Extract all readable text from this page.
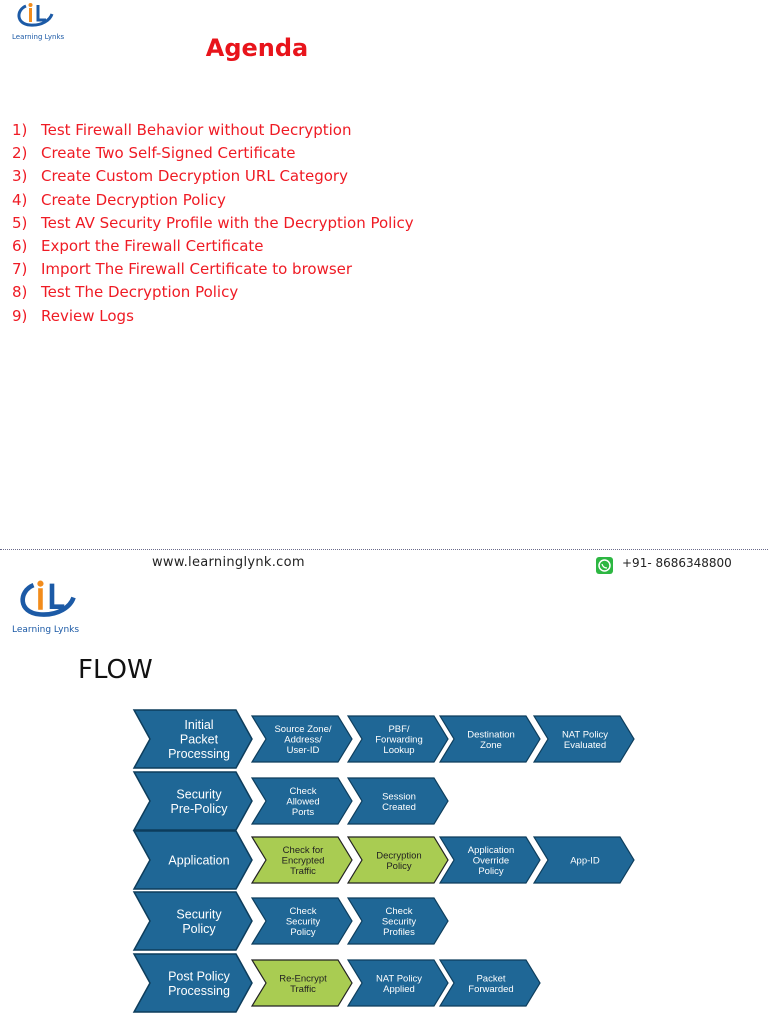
Learning Lynks	Agenda
1) Test Firewall Behavior without Decryption
2) Create Two Self-Signed Certificate
3) Create Custom Decryption URL Category
4) Create Decryption Policy
5) Test AV Security Profile with the Decryption Policy
6) Export the Firewall Certificate
7) Import The Firewall Certificate to browser
8) Test The Decryption Policy
9) Review Logs
www.learninglynk.com	+91- 8686348800
Learning Lynks
FLOW
Initial Packet Processing
Source Zone/ Address/ User-ID
PBF/ Forwarding Lookup
Destination Zone
NAT Policy Evaluated
Security Pre-Policy
Check Allowed Ports
Session Created
Application
Check for Encrypted Traffic
Decryption Policy
Application Override Policy
App-ID
Security Policy
Check Security Policy
Check Security Profiles
Post Policy Processing
Re-Encrypt Traffic
NAT Policy Applied
Packet Forwarded
